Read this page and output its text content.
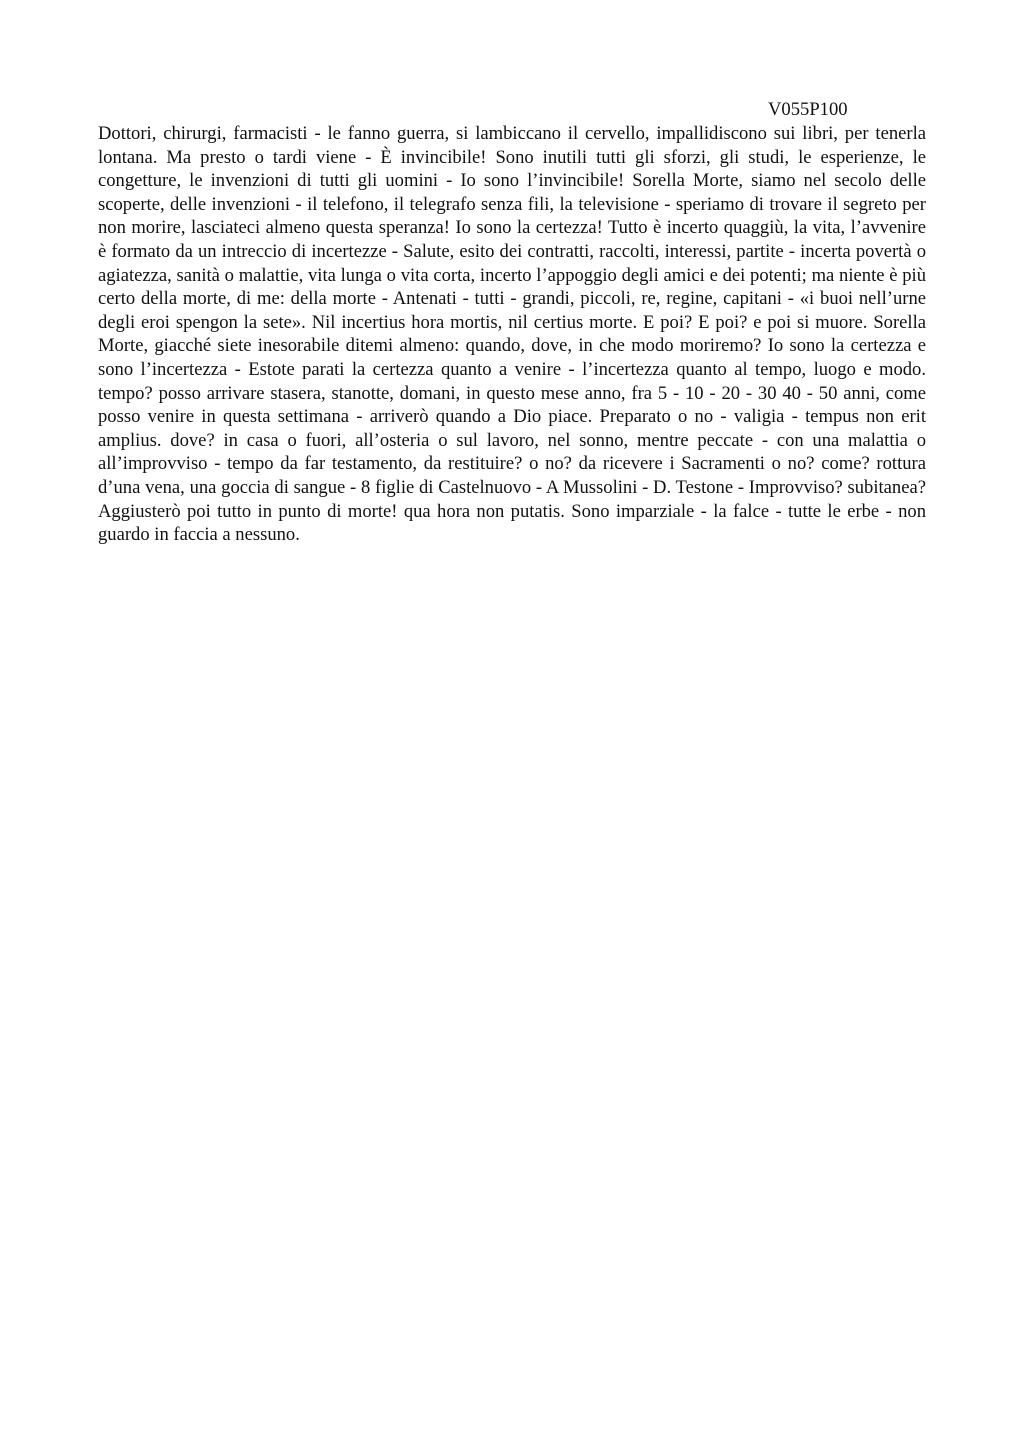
V055P100

Dottori, chirurgi, farmacisti - le fanno guerra, si lambiccano il cervello, impallidiscono sui libri, per tenerla lontana. Ma presto o tardi viene - È invincibile! Sono inutili tutti gli sforzi, gli studi, le esperienze, le congetture, le invenzioni di tutti gli uomini - Io sono l’invincibile! Sorella Morte, siamo nel secolo delle scoperte, delle invenzioni - il telefono, il telegrafo senza fili, la televisione - speriamo di trovare il segreto per non morire, lasciateci almeno questa speranza! Io sono la certezza! Tutto è incerto quaggiù, la vita, l’avvenire è formato da un intreccio di incertezze - Salute, esito dei contratti, raccolti, interessi, partite - incerta povertà o agiatezza, sanità o malattie, vita lunga o vita corta, incerto l’appoggio degli amici e dei potenti; ma niente è più certo della morte, di me: della morte - Antenati - tutti - grandi, piccoli, re, regine, capitani - «i buoi nell’urne degli eroi spengon la sete». Nil incertius hora mortis, nil certius morte. E poi? E poi? e poi si muore. Sorella Morte, giacché siete inesorabile ditemi almeno: quando, dove, in che modo moriremo? Io sono la certezza e sono l’incertezza - Estote parati la certezza quanto a venire - l’incertezza quanto al tempo, luogo e modo. tempo? posso arrivare stasera, stanotte, domani, in questo mese anno, fra 5 - 10 - 20 - 30 40 - 50 anni, come posso venire in questa settimana - arriverò quando a Dio piace. Preparato o no - valigia - tempus non erit amplius. dove? in casa o fuori, all’osteria o sul lavoro, nel sonno, mentre peccate - con una malattia o all’improvviso - tempo da far testamento, da restituire? o no? da ricevere i Sacramenti o no? come? rottura d’una vena, una goccia di sangue - 8 figlie di Castelnuovo - A Mussolini - D. Testone - Improvviso? subitanea? Aggiusterò poi tutto in punto di morte! qua hora non putatis. Sono imparziale - la falce - tutte le erbe - non guardo in faccia a nessuno.
